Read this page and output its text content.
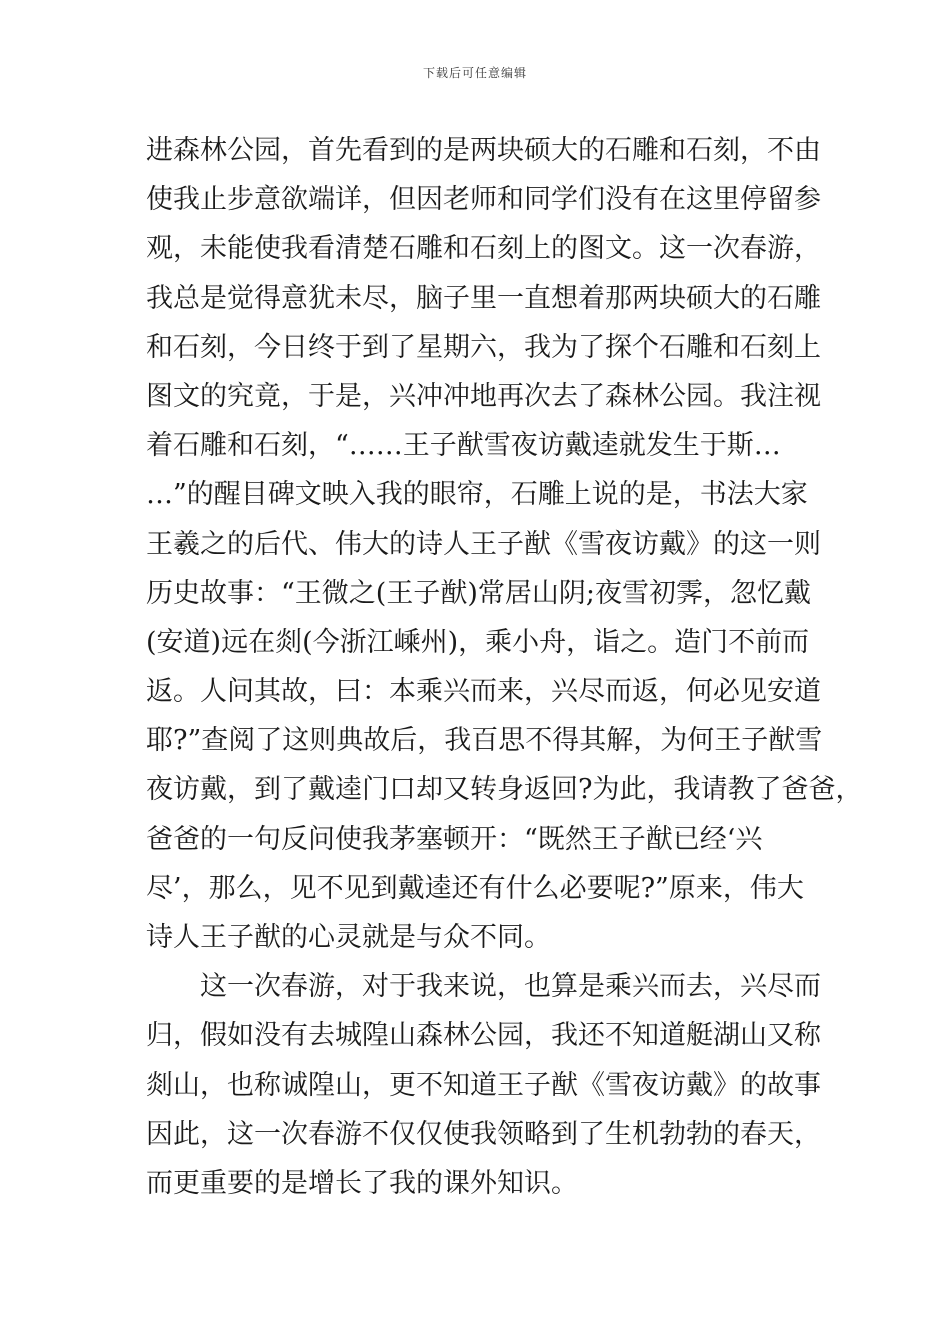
下载后可任意编辑
进森林公园，首先看到的是两块硕大的石雕和石刻，不由
使我止步意欲端详，但因老师和同学们没有在这里停留参
观，未能使我看清楚石雕和石刻上的图文。这一次春游，
我总是觉得意犹未尽，脑子里一直想着那两块硕大的石雕
和石刻，今日终于到了星期六，我为了探个石雕和石刻上
图文的究竟，于是，兴冲冲地再次去了森林公园。我注视
着石雕和石刻，“……王子猷雪夜访戴逵就发生于斯…
…”的醒目碑文映入我的眼帘，石雕上说的是，书法大家
王羲之的后代、伟大的诗人王子猷《雪夜访戴》的这一则
历史故事：“王微之(王子猷)常居山阴;夜雪初霁，忽忆戴
(安道)远在剡(今浙江嵊州)，乘小舟，诣之。造门不前而
返。人问其故，曰：本乘兴而来，兴尽而返，何必见安道
耶?”查阅了这则典故后，我百思不得其解，为何王子猷雪
夜访戴，到了戴逵门口却又转身返回?为此，我请教了爸爸，
爸爸的一句反问使我茅塞顿开：“既然王子猷已经‘兴
尽’，那么，见不见到戴逵还有什么必要呢?”原来，伟大
诗人王子猷的心灵就是与众不同。
这一次春游，对于我来说，也算是乘兴而去，兴尽而
归，假如没有去城隍山森林公园，我还不知道艇湖山又称
剡山，也称诚隍山，更不知道王子猷《雪夜访戴》的故事
因此，这一次春游不仅仅使我领略到了生机勃勃的春天，
而更重要的是增长了我的课外知识。
